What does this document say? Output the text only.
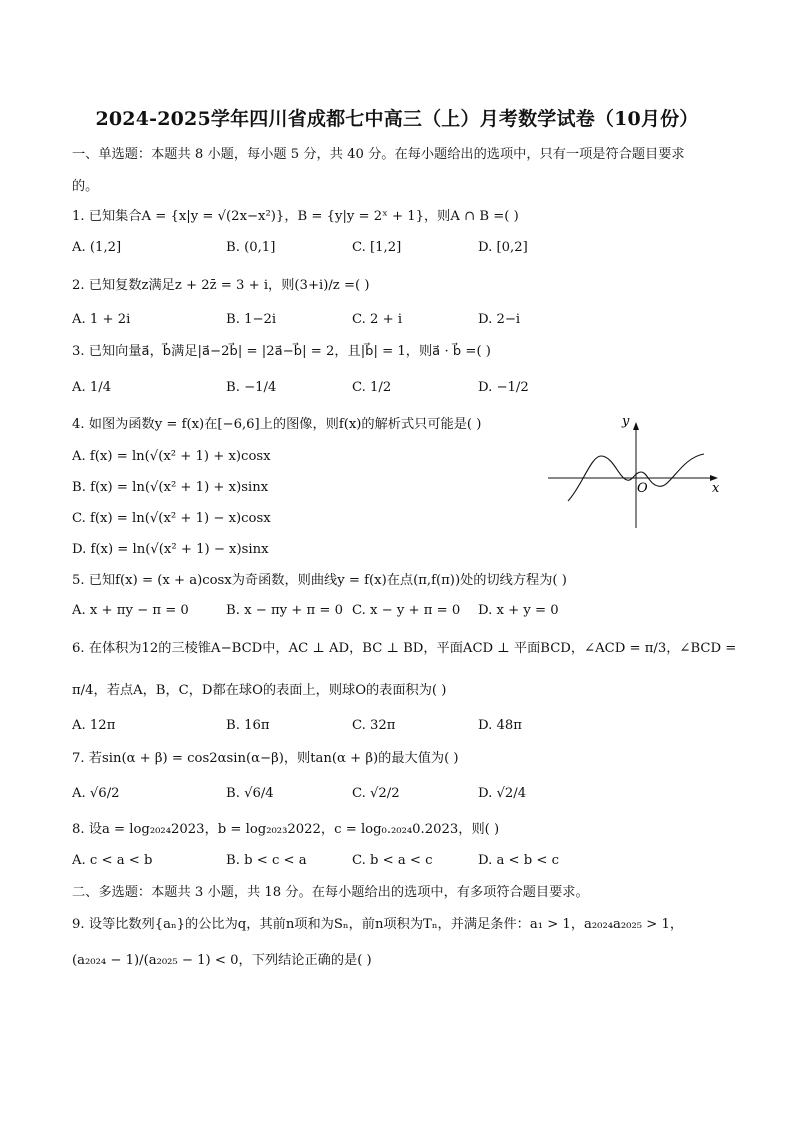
2024-2025学年四川省成都七中高三（上）月考数学试卷（10月份）
一、单选题：本题共 8 小题，每小题 5 分，共 40 分。在每小题给出的选项中，只有一项是符合题目要求
的。
1. 已知集合A = {x|y = √(2x−x²)}，B = {y|y = 2ˣ + 1}，则A ∩ B =( )
A. (1,2]	B. (0,1]	C. [1,2]	D. [0,2]
2. 已知复数z满足z + 2z̄ = 3 + i，则(3+i)/z =( )
A. 1 + 2i	B. 1−2i	C. 2 + i	D. 2−i
3. 已知向量a⃗，b⃗满足|a⃗−2b⃗| = |2a⃗−b⃗| = 2，且|b⃗| = 1，则a⃗ · b⃗ =( )
A. 1/4	B. −1/4	C. 1/2	D. −1/2
4. 如图为函数y = f(x)在[−6,6]上的图像，则f(x)的解析式只可能是( )
A. f(x) = ln(√(x² + 1) + x)cosx
B. f(x) = ln(√(x² + 1) + x)sinx
C. f(x) = ln(√(x² + 1) − x)cosx
D. f(x) = ln(√(x² + 1) − x)sinx
y
x
O
5. 已知f(x) = (x + a)cosx为奇函数，则曲线y = f(x)在点(π,f(π))处的切线方程为( )
A. x + πy − π = 0	B. x − πy + π = 0 C. x − y + π = 0 D. x + y = 0
6. 在体积为12的三棱锥A−BCD中，AC ⊥ AD，BC ⊥ BD，平面ACD ⊥ 平面BCD，∠ACD = π/3，∠BCD =
π/4，若点A，B，C，D都在球O的表面上，则球O的表面积为( )
A. 12π	B. 16π	C. 32π	D. 48π
7. 若sin(α + β) = cos2αsin(α−β)，则tan(α + β)的最大值为( )
A. √6/2	B. √6/4	C. √2/2	D. √2/4
8. 设a = log₂₀₂₄2023，b = log₂₀₂₃2022，c = log₀.₂₀₂₄0.2023，则( )
A. c < a < b	B. b < c < a	C. b < a < c	D. a < b < c
二、多选题：本题共 3 小题，共 18 分。在每小题给出的选项中，有多项符合题目要求。
9. 设等比数列{aₙ}的公比为q，其前n项和为Sₙ，前n项积为Tₙ，并满足条件：a₁ > 1，a₂₀₂₄a₂₀₂₅ > 1，
(a₂₀₂₄ − 1)/(a₂₀₂₅ − 1) < 0，下列结论正确的是( )
